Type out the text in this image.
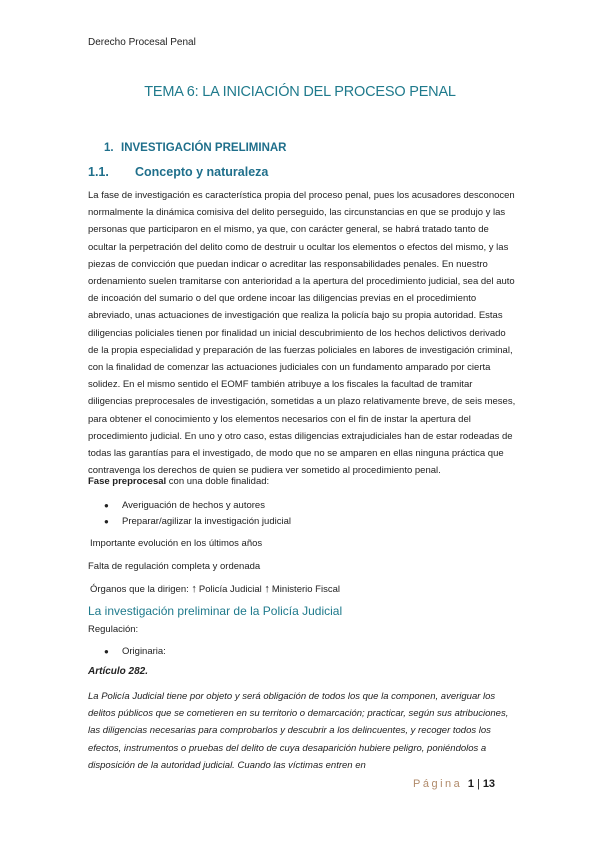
Derecho Procesal Penal
TEMA 6: LA INICIACIÓN DEL PROCESO PENAL
1. INVESTIGACIÓN PRELIMINAR
1.1. Concepto y naturaleza

La fase de investigación es característica propia del proceso penal, pues los acusadores desconocen normalmente la dinámica comisiva del delito perseguido, las circunstancias en que se produjo y las personas que participaron en el mismo, ya que, con carácter general, se habrá tratado tanto de ocultar la perpetración del delito como de destruir u ocultar los elementos o efectos del mismo, y las piezas de convicción que puedan indicar o acreditar las responsabilidades penales. En nuestro ordenamiento suelen tramitarse con anterioridad a la apertura del procedimiento judicial, sea del auto de incoación del sumario o del que ordene incoar las diligencias previas en el procedimiento abreviado, unas actuaciones de investigación que realiza la policía bajo su propia autoridad. Estas diligencias policiales tienen por finalidad un inicial descubrimiento de los hechos delictivos derivado de la propia especialidad y preparación de las fuerzas policiales en labores de investigación criminal, con la finalidad de comenzar las actuaciones judiciales con un fundamento amparado por cierta solidez. En el mismo sentido el EOMF también atribuye a los fiscales la facultad de tramitar diligencias preprocesales de investigación, sometidas a un plazo relativamente breve, de seis meses, para obtener el conocimiento y los elementos necesarios con el fin de instar la apertura del procedimiento judicial. En uno y otro caso, estas diligencias extrajudiciales han de estar rodeadas de todas las garantías para el investigado, de modo que no se amparen en ellas ninguna práctica que contravenga los derechos de quien se pudiera ver sometido al procedimiento penal.

Fase preprocesal con una doble finalidad:
● Averiguación de hechos y autores
● Preparar/agilizar la investigación judicial
Importante evolución en los últimos años
Falta de regulación completa y ordenada
Órganos que la dirigen: ↑ Policía Judicial ↑ Ministerio Fiscal
La investigación preliminar de la Policía Judicial
Regulación:
● Originaria:
Artículo 282.

La Policía Judicial tiene por objeto y será obligación de todos los que la componen, averiguar los delitos públicos que se cometieren en su territorio o demarcación; practicar, según sus atribuciones, las diligencias necesarias para comprobarlos y descubrir a los delincuentes, y recoger todos los efectos, instrumentos o pruebas del delito de cuya desaparición hubiere peligro, poniéndolos a disposición de la autoridad judicial. Cuando las víctimas entren en

Página 1 | 13
